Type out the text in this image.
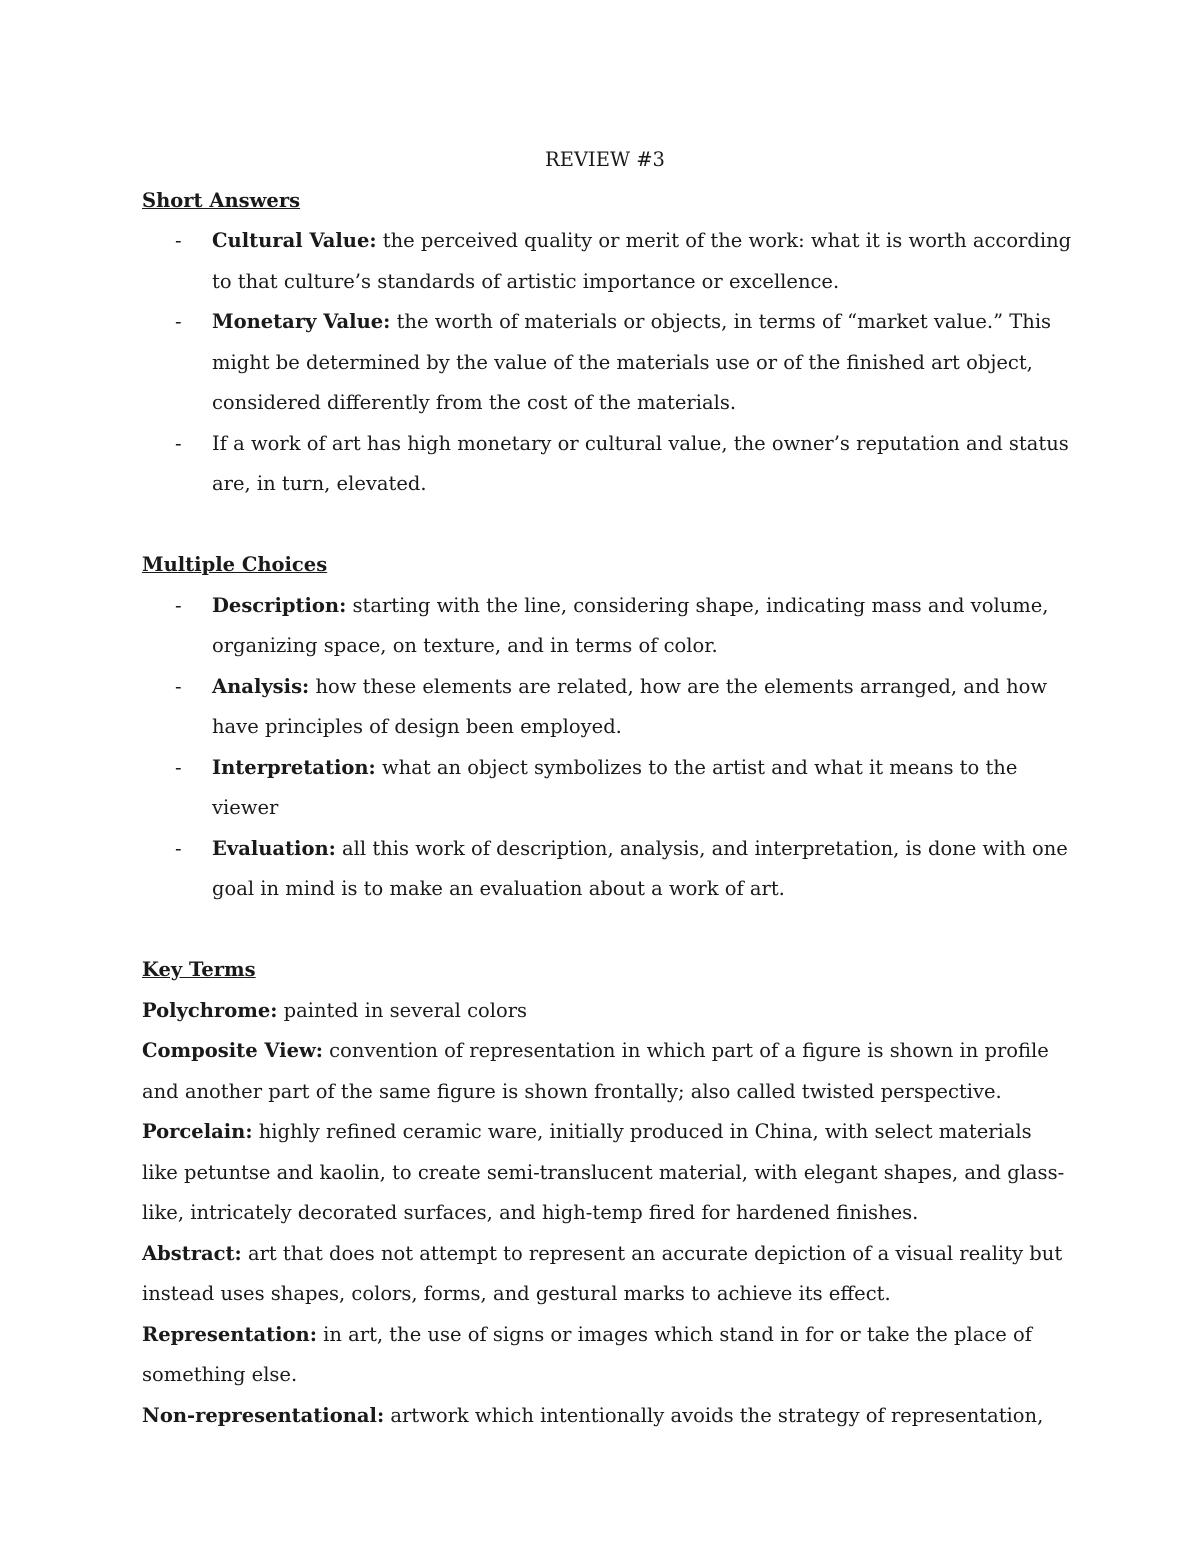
REVIEW #3
Short Answers
- Cultural Value: the perceived quality or merit of the work: what it is worth according to that culture’s standards of artistic importance or excellence.
- Monetary Value: the worth of materials or objects, in terms of “market value.” This might be determined by the value of the materials use or of the finished art object, considered differently from the cost of the materials.
- If a work of art has high monetary or cultural value, the owner’s reputation and status are, in turn, elevated.
Multiple Choices
- Description: starting with the line, considering shape, indicating mass and volume, organizing space, on texture, and in terms of color.
- Analysis: how these elements are related, how are the elements arranged, and how have principles of design been employed.
- Interpretation: what an object symbolizes to the artist and what it means to the viewer
- Evaluation: all this work of description, analysis, and interpretation, is done with one goal in mind is to make an evaluation about a work of art.
Key Terms

Polychrome: painted in several colors

Composite View: convention of representation in which part of a figure is shown in profile and another part of the same figure is shown frontally; also called twisted perspective.

Porcelain: highly refined ceramic ware, initially produced in China, with select materials like petuntse and kaolin, to create semi-translucent material, with elegant shapes, and glass-like, intricately decorated surfaces, and high-temp fired for hardened finishes.

Abstract: art that does not attempt to represent an accurate depiction of a visual reality but instead uses shapes, colors, forms, and gestural marks to achieve its effect.

Representation: in art, the use of signs or images which stand in for or take the place of something else.

Non-representational: artwork which intentionally avoids the strategy of representation,
